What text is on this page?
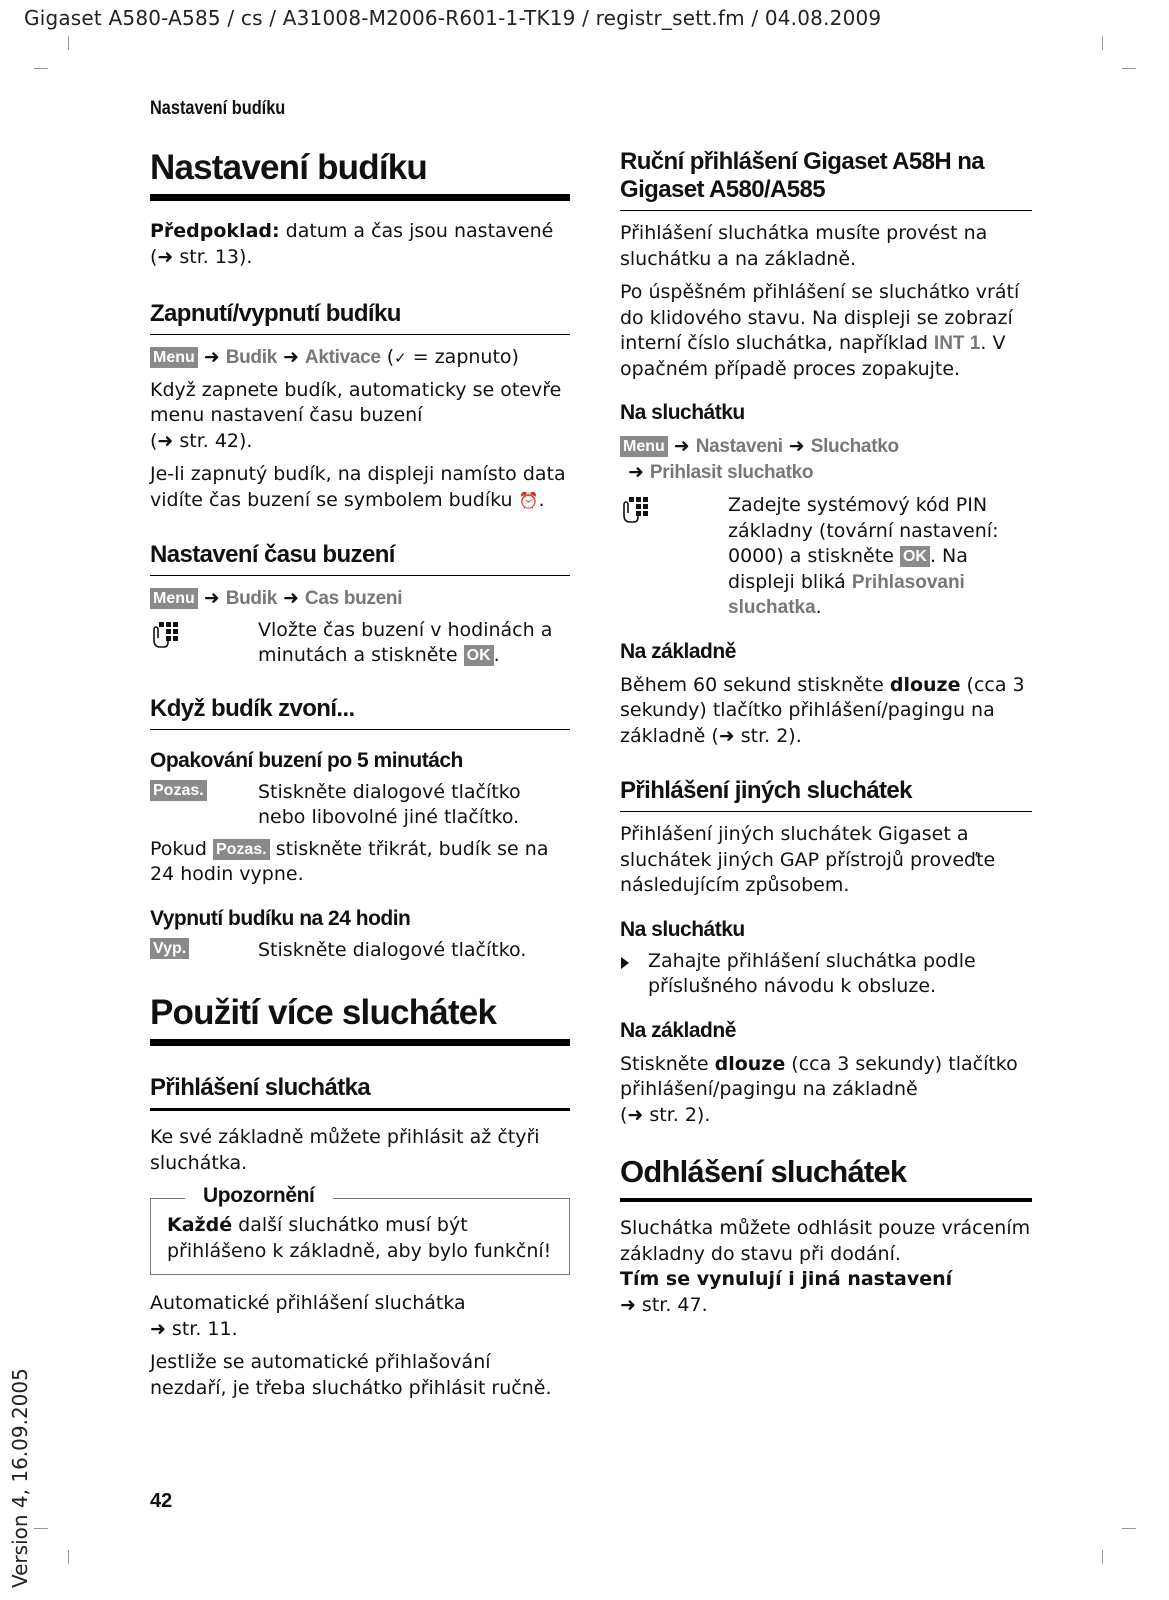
Gigaset A580-A585 / cs / A31008-M2006-R601-1-TK19 / registr_sett.fm / 04.08.2009
Version 4, 16.09.2005
Nastavení budíku
Nastavení budíku

Předpoklad: datum a čas jsou nastavené
(➜ str. 13).

Zapnutí/vypnutí budíku

Menu ➜ Budik ➜ Aktivace (✓ = zapnuto)

Když zapnete budík, automaticky se otevře menu nastavení času buzení
(➜ str. 42).

Je-li zapnutý budík, na displeji namísto data vidíte čas buzení se symbolem budíku ⏰.

Nastavení času buzení

Menu ➜ Budik ➜ Cas buzeni

Vložte čas buzení v hodinách a minutách a stiskněte OK .
Když budík zvoní...
Opakování buzení po 5 minutách
Pozas.	Stiskněte dialogové tlačítko nebo libovolné jiné tlačítko.

Pokud Pozas. stiskněte třikrát, budík se na 24 hodin vypne.

Vypnutí budíku na 24 hodin
Vyp.	Stiskněte dialogové tlačítko.
Použití více sluchátek
Přihlášení sluchátka

Ke své základně můžete přihlásit až čtyři sluchátka.

Upozornění

Každé další sluchátko musí být přihlášeno k základně, aby bylo funkční!

Automatické přihlášení sluchátka
➜ str. 11.

Jestliže se automatické přihlašování nezdaří, je třeba sluchátko přihlásit ručně.

Ruční přihlášení Gigaset A58H na Gigaset A580/A585

Přihlášení sluchátka musíte provést na sluchátku a na základně.

Po úspěšném přihlášení se sluchátko vrátí do klidového stavu. Na displeji se zobrazí interní číslo sluchátka, například INT 1. V opačném případě proces zopakujte.

Na sluchátku

Menu ➜ Nastaveni ➜ Sluchatko
➜ Prihlasit sluchatko

Zadejte systémový kód PIN základny (tovární nastavení: 0000) a stiskněte OK . Na displeji bliká Prihlasovani sluchatka.
Na základně

Během 60 sekund stiskněte dlouze (cca 3 sekundy) tlačítko přihlášení/pagingu na základně (➜ str. 2).

Přihlášení jiných sluchátek

Přihlášení jiných sluchátek Gigaset a sluchátek jiných GAP přístrojů proveďte následujícím způsobem.

Na sluchátku
Zahajte přihlášení sluchátka podle příslušného návodu k obsluze.
Na základně

Stiskněte dlouze (cca 3 sekundy) tlačítko přihlášení/pagingu na základně
(➜ str. 2).

Odhlášení sluchátek

Sluchátka můžete odhlásit pouze vrácením základny do stavu při dodání.

Tím se vynulují i jiná nastavení
➜ str. 47.

42
